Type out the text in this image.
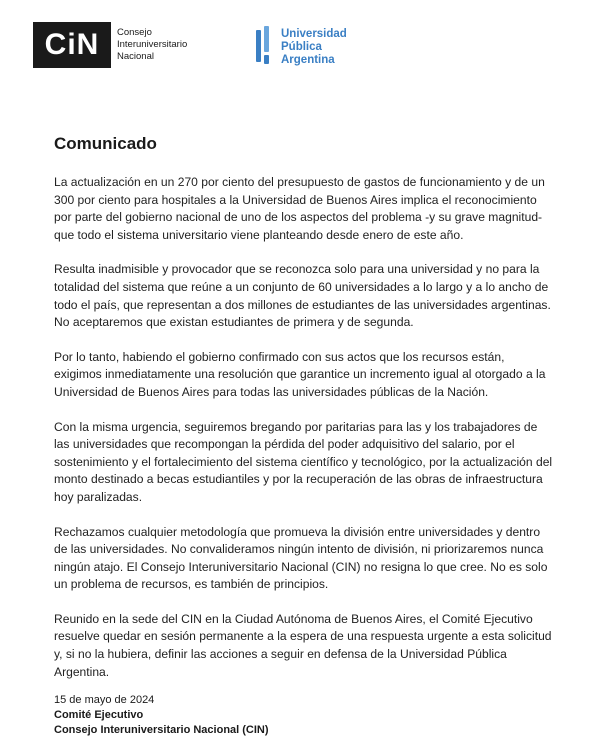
CiN	Consejo
Interuniversitario
Nacional
Universidad
Pública
Argentina
Comunicado

La actualización en un 270 por ciento del presupuesto de gastos de funcionamiento y de un 300 por ciento para hospitales a la Universidad de Buenos Aires implica el reconocimiento por parte del gobierno nacional de uno de los aspectos del problema -y su grave magnitud- que todo el sistema universitario viene planteando desde enero de este año.

Resulta inadmisible y provocador que se reconozca solo para una universidad y no para la totalidad del sistema que reúne a un conjunto de 60 universidades a lo largo y a lo ancho de todo el país, que representan a dos millones de estudiantes de las universidades argentinas. No aceptaremos que existan estudiantes de primera y de segunda.

Por lo tanto, habiendo el gobierno confirmado con sus actos que los recursos están, exigimos inmediatamente una resolución que garantice un incremento igual al otorgado a la Universidad de Buenos Aires para todas las universidades públicas de la Nación.

Con la misma urgencia, seguiremos bregando por paritarias para las y los trabajadores de las universidades que recompongan la pérdida del poder adquisitivo del salario, por el sostenimiento y el fortalecimiento del sistema científico y tecnológico, por la actualización del monto destinado a becas estudiantiles y por la recuperación de las obras de infraestructura hoy paralizadas.

Rechazamos cualquier metodología que promueva la división entre universidades y dentro de las universidades. No convalideramos ningún intento de división, ni priorizaremos nunca ningún atajo. El Consejo Interuniversitario Nacional (CIN) no resigna lo que cree. No es solo un problema de recursos, es también de principios.

Reunido en la sede del CIN en la Ciudad Autónoma de Buenos Aires, el Comité Ejecutivo resuelve quedar en sesión permanente a la espera de una respuesta urgente a esta solicitud y, si no la hubiera, definir las acciones a seguir en defensa de la Universidad Pública Argentina.

15 de mayo de 2024
Comité Ejecutivo
Consejo Interuniversitario Nacional (CIN)
